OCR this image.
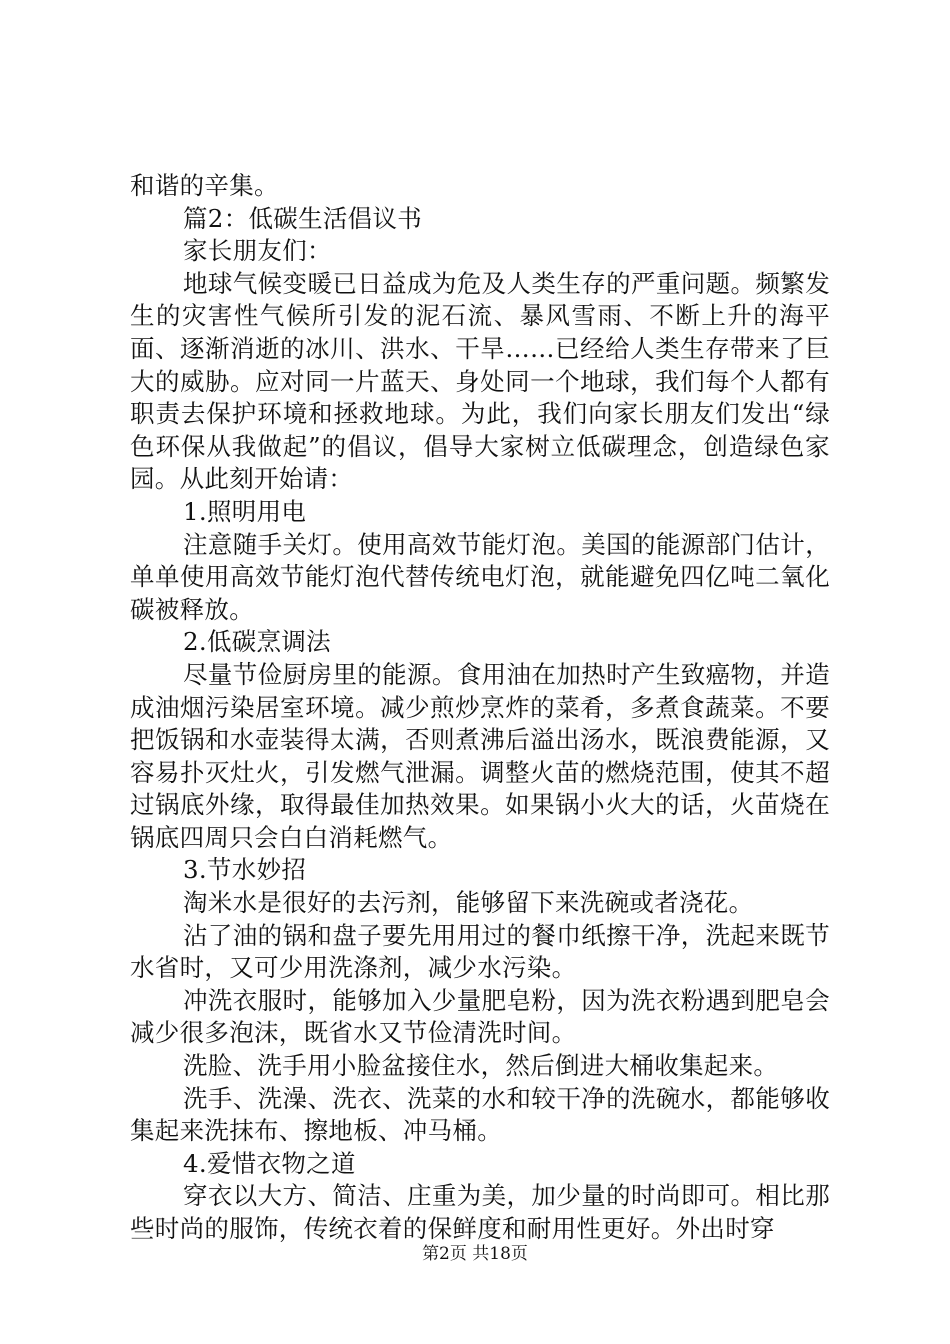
和谐的辛集。

篇2：低碳生活倡议书

家长朋友们：

地球气候变暖已日益成为危及人类生存的严重问题。频繁发生的灾害性气候所引发的泥石流、暴风雪雨、不断上升的海平面、逐渐消逝的冰川、洪水、干旱……已经给人类生存带来了巨大的威胁。应对同一片蓝天、身处同一个地球，我们每个人都有职责去保护环境和拯救地球。为此，我们向家长朋友们发出“绿色环保从我做起”的倡议，倡导大家树立低碳理念，创造绿色家园。从此刻开始请：

1.照明用电

注意随手关灯。使用高效节能灯泡。美国的能源部门估计，单单使用高效节能灯泡代替传统电灯泡，就能避免四亿吨二氧化碳被释放。

2.低碳烹调法

尽量节俭厨房里的能源。食用油在加热时产生致癌物，并造成油烟污染居室环境。减少煎炒烹炸的菜肴，多煮食蔬菜。不要把饭锅和水壶装得太满，否则煮沸后溢出汤水，既浪费能源，又容易扑灭灶火，引发燃气泄漏。调整火苗的燃烧范围，使其不超过锅底外缘，取得最佳加热效果。如果锅小火大的话，火苗烧在锅底四周只会白白消耗燃气。

3.节水妙招

淘米水是很好的去污剂，能够留下来洗碗或者浇花。

沾了油的锅和盘子要先用用过的餐巾纸擦干净，洗起来既节水省时，又可少用洗涤剂，减少水污染。

冲洗衣服时，能够加入少量肥皂粉，因为洗衣粉遇到肥皂会减少很多泡沫，既省水又节俭清洗时间。

洗脸、洗手用小脸盆接住水，然后倒进大桶收集起来。

洗手、洗澡、洗衣、洗菜的水和较干净的洗碗水，都能够收集起来洗抹布、擦地板、冲马桶。

4.爱惜衣物之道

穿衣以大方、简洁、庄重为美，加少量的时尚即可。相比那些时尚的服饰，传统衣着的保鲜度和耐用性更好。外出时穿

第2页 共18页
